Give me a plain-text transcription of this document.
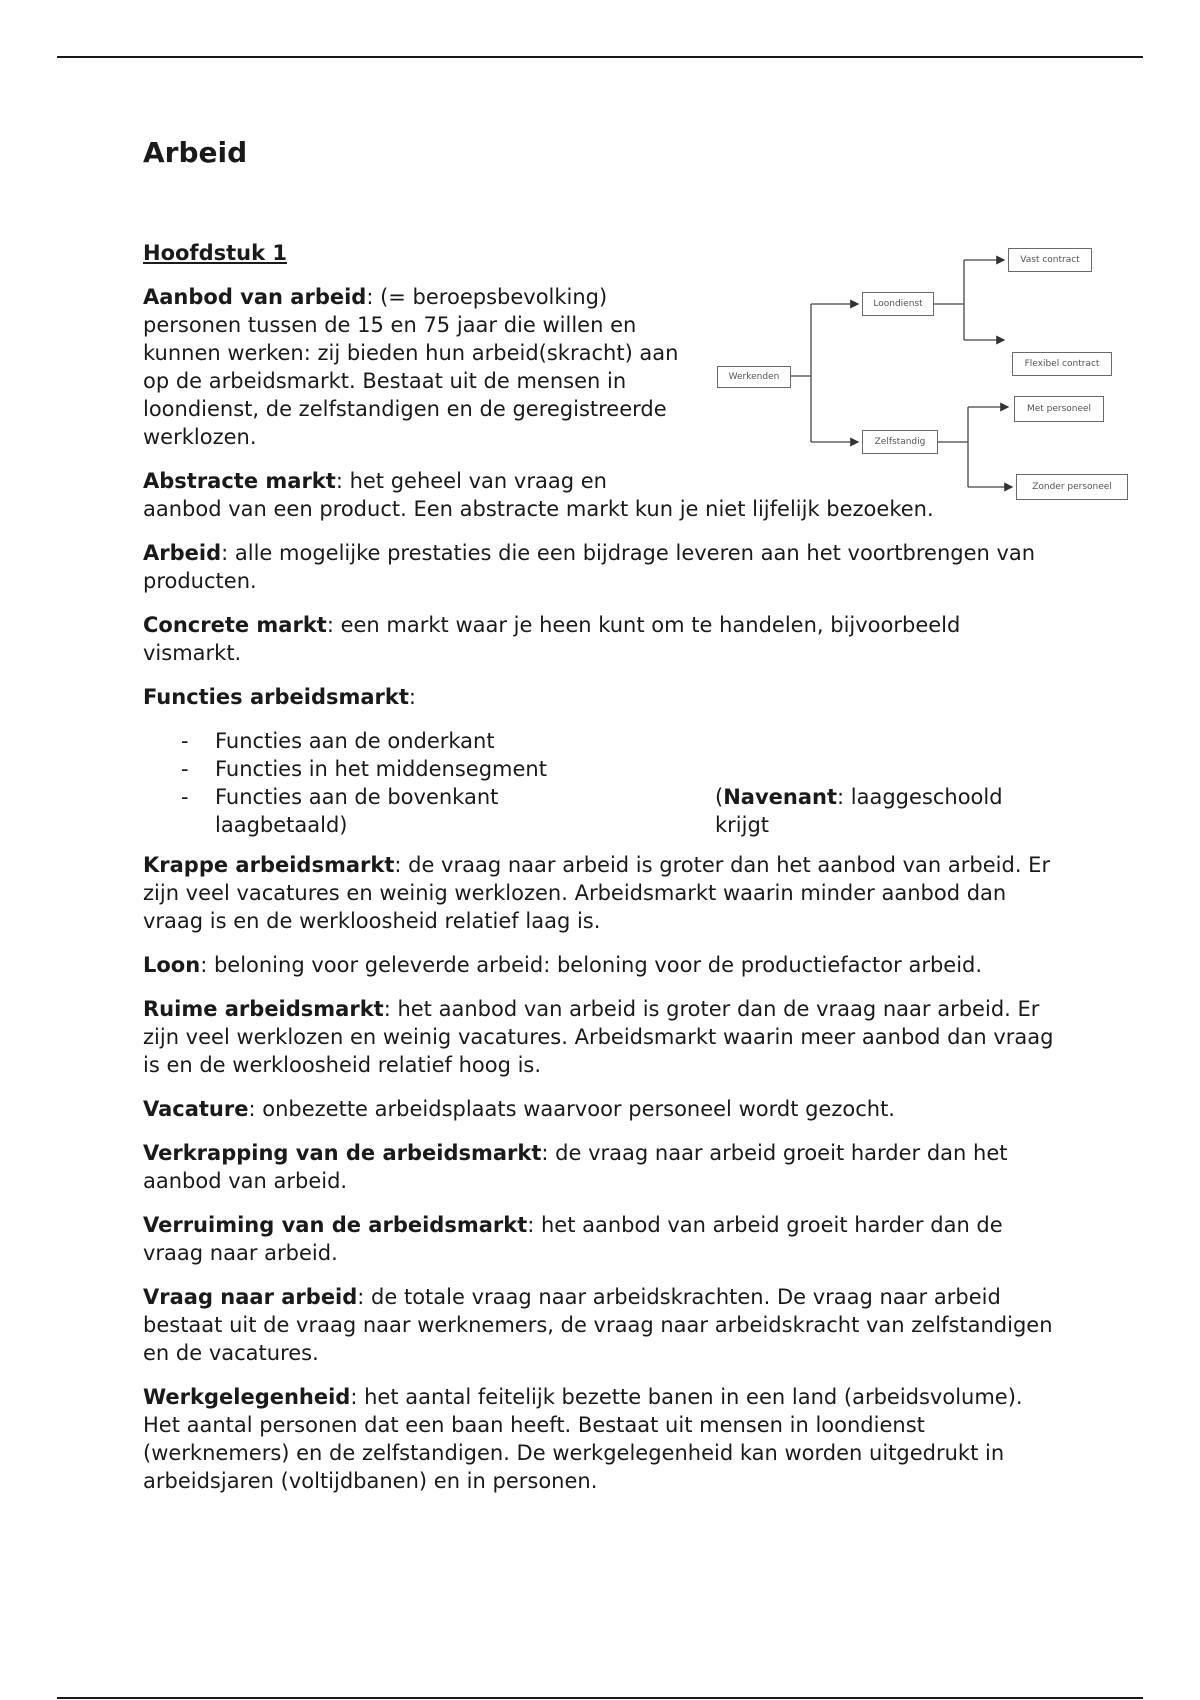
Werkenden
Loondienst
Zelfstandig
Vast contract
Flexibel contract
Met personeel
Zonder personeel
Arbeid
Hoofdstuk 1

Aanbod van arbeid: (= beroepsbevolking) personen tussen de 15 en 75 jaar die willen en kunnen werken: zij bieden hun arbeid(skracht) aan op de arbeidsmarkt. Bestaat uit de mensen in loondienst, de zelfstandigen en de geregistreerde werklozen.

Abstracte markt: het geheel van vraag en
aanbod van een product. Een abstracte markt kun je niet lijfelijk bezoeken.

Arbeid: alle mogelijke prestaties die een bijdrage leveren aan het voortbrengen van producten.

Concrete markt: een markt waar je heen kunt om te handelen, bijvoorbeeld vismarkt.

Functies arbeidsmarkt:

- Functies aan de onderkant
- Functies in het middensegment
- Functies aan de bovenkant	(Navenant: laaggeschoold krijgt

laagbetaald)

Krappe arbeidsmarkt: de vraag naar arbeid is groter dan het aanbod van arbeid. Er zijn veel vacatures en weinig werklozen. Arbeidsmarkt waarin minder aanbod dan vraag is en de werkloosheid relatief laag is.

Loon: beloning voor geleverde arbeid: beloning voor de productiefactor arbeid.

Ruime arbeidsmarkt: het aanbod van arbeid is groter dan de vraag naar arbeid. Er zijn veel werklozen en weinig vacatures. Arbeidsmarkt waarin meer aanbod dan vraag is en de werkloosheid relatief hoog is.

Vacature: onbezette arbeidsplaats waarvoor personeel wordt gezocht.

Verkrapping van de arbeidsmarkt: de vraag naar arbeid groeit harder dan het aanbod van arbeid.

Verruiming van de arbeidsmarkt: het aanbod van arbeid groeit harder dan de vraag naar arbeid.

Vraag naar arbeid: de totale vraag naar arbeidskrachten. De vraag naar arbeid bestaat uit de vraag naar werknemers, de vraag naar arbeidskracht van zelfstandigen en de vacatures.

Werkgelegenheid: het aantal feitelijk bezette banen in een land (arbeidsvolume). Het aantal personen dat een baan heeft. Bestaat uit mensen in loondienst (werknemers) en de zelfstandigen. De werkgelegenheid kan worden uitgedrukt in arbeidsjaren (voltijdbanen) en in personen.
